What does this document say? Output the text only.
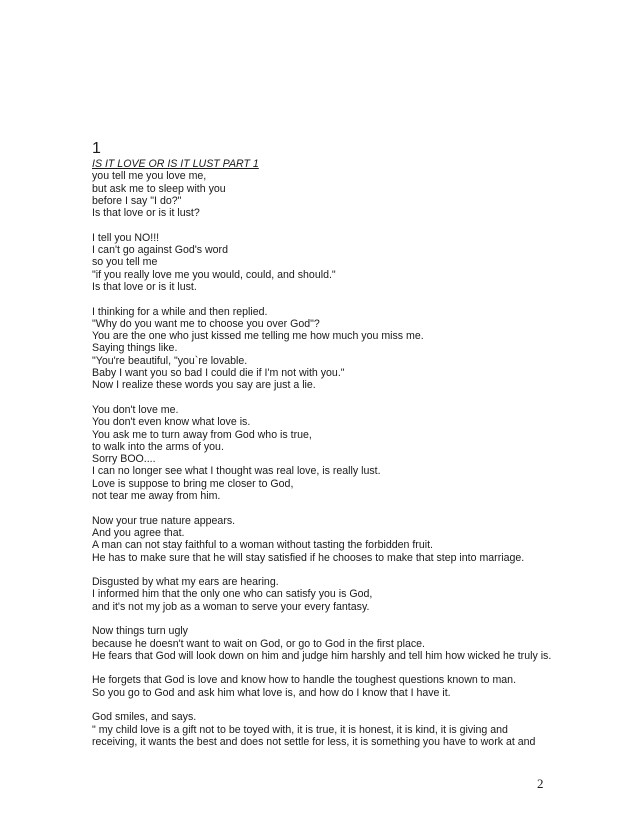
1
IS IT LOVE OR IS IT LUST PART 1
you tell me you love me,
but ask me to sleep with you
before I say "I do?"
Is that love or is it lust?
I tell you NO!!!
I can't go against God's word
so you tell me
"if you really love me you would, could, and should."
Is that love or is it lust.
I thinking for a while and then replied.
"Why do you want me to choose you over God"?
You are the one who just kissed me telling me how much you miss me.
Saying things like.
"You're beautiful, "you`re lovable.
Baby I want you so bad I could die if I'm not with you."
Now I realize these words you say are just a lie.
You don't love me.
You don't even know what love is.
You ask me to turn away from God who is true,
to walk into the arms of you.
Sorry BOO....
I can no longer see what I thought was real love, is really lust.
Love is suppose to bring me closer to God,
not tear me away from him.
Now your true nature appears.
And you agree that.
A man can not stay faithful to a woman without tasting the forbidden fruit.
He has to make sure that he will stay satisfied if he chooses to make that step into marriage.
Disgusted by what my ears are hearing.
I informed him that the only one who can satisfy you is God,
and it's not my job as a woman to serve your every fantasy.
Now things turn ugly
because he doesn't want to wait on God, or go to God in the first place.
He fears that God will look down on him and judge him harshly and tell him how wicked he truly is.
He forgets that God is love and know how to handle the toughest questions known to man.
So you go to God and ask him what love is, and how do I know that I have it.
God smiles, and says.
" my child love is a gift not to be toyed with, it is true, it is honest, it is kind, it is giving and receiving, it wants the best and does not settle for less, it is something you have to work at and
2
